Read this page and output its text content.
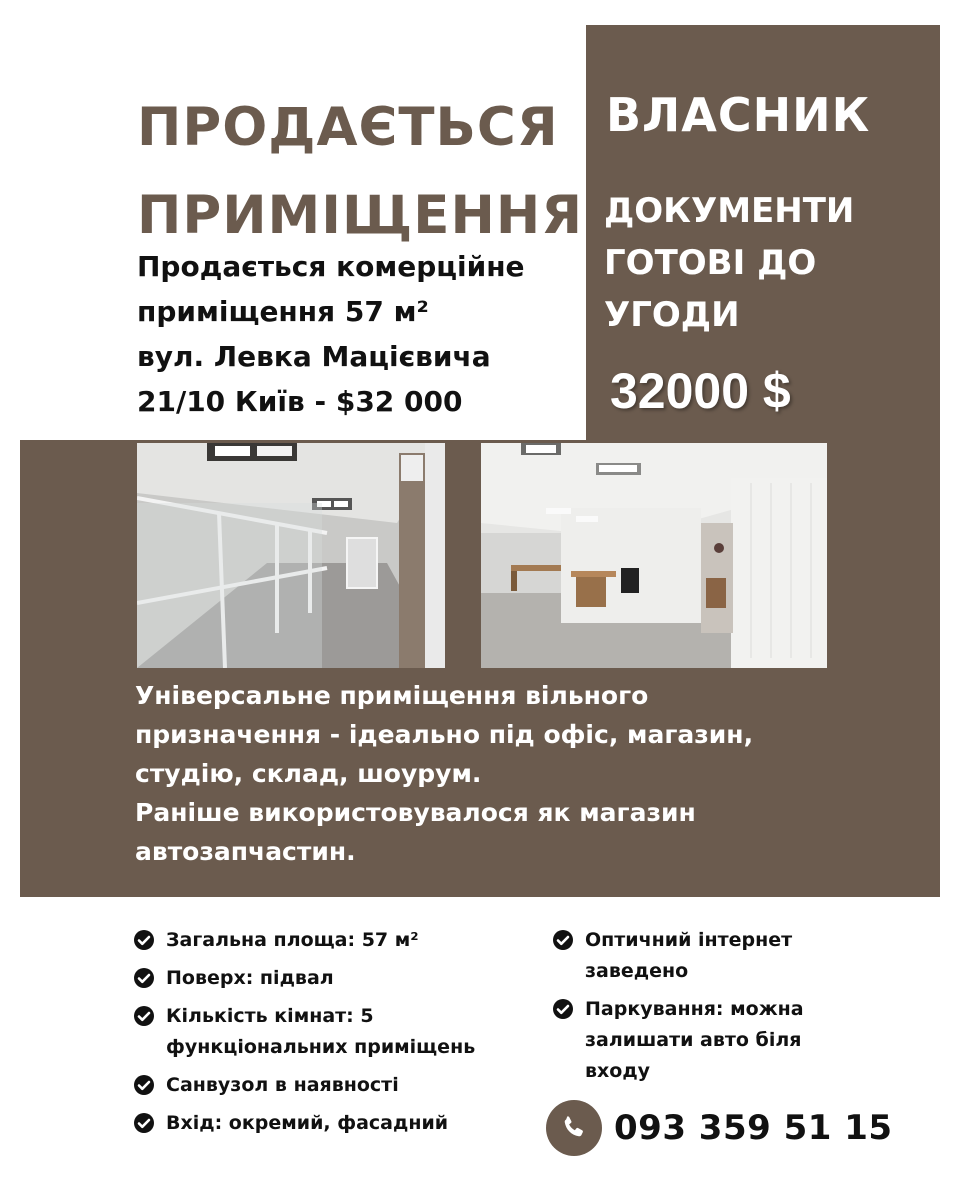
ПРОДАЄТЬСЯ
ПРИМІЩЕННЯ

Продається комерційне
приміщення 57 м²
вул. Левка Мацієвича
21/10 Київ - $32 000

ВЛАСНИК

ДОКУМЕНТИ
ГОТОВІ ДО
УГОДИ

32000 $

Універсальне приміщення вільного
призначення - ідеально під офіс, магазин,
студію, склад, шоурум.
Раніше використовувалося як магазин
автозапчастин.

Загальна площа: 57 м²
Поверх: підвал
Кількість кімнат: 5
функціональних приміщень
Санвузол в наявності
Вхід: окремий, фасадний
Оптичний інтернет
заведено
Паркування: можна
залишати авто біля
входу
093 359 51 15
